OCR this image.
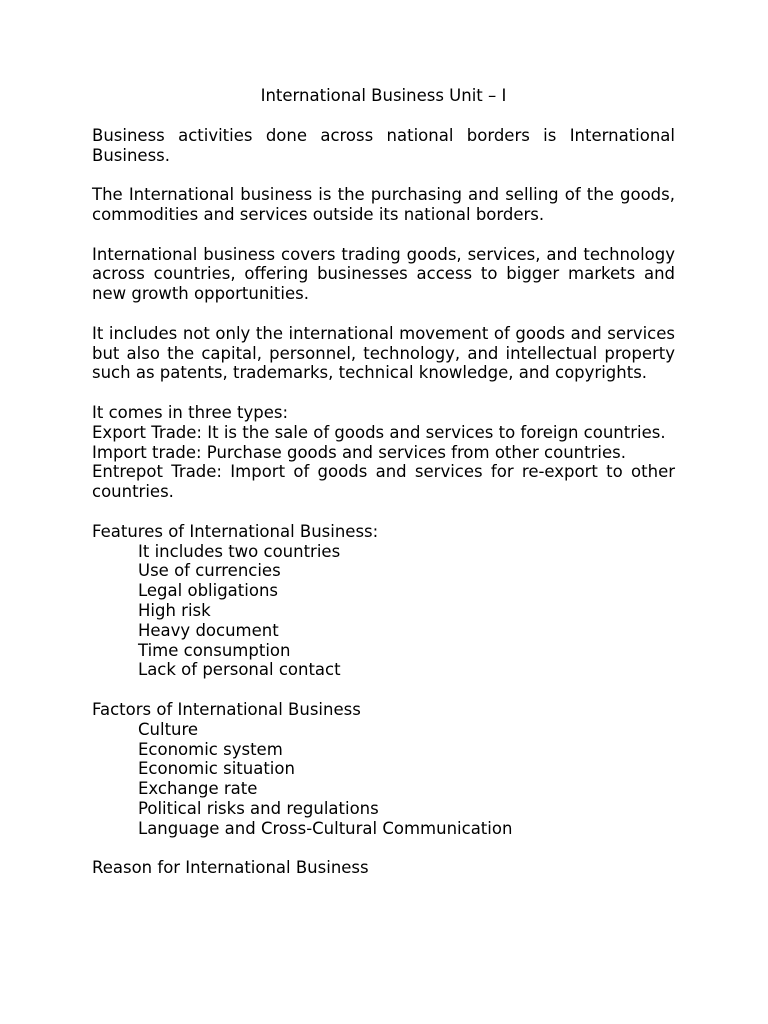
International Business Unit – I

Business activities done across national borders is International Business.

The International business is the purchasing and selling of the goods, commodities and services outside its national borders.

International business covers trading goods, services, and technology across countries, offering businesses access to bigger markets and new growth opportunities.

It includes not only the international movement of goods and services but also the capital, personnel, technology, and intellectual property such as patents, trademarks, technical knowledge, and copyrights.

It comes in three types:
Export Trade: It is the sale of goods and services to foreign countries.
Import trade: Purchase goods and services from other countries.
Entrepot Trade: Import of goods and services for re-export to other countries.
Features of International Business:
It includes two countries
Use of currencies
Legal obligations
High risk
Heavy document
Time consumption
Lack of personal contact
Factors of International Business
Culture
Economic system
Economic situation
Exchange rate
Political risks and regulations
Language and Cross-Cultural Communication
Reason for International Business
